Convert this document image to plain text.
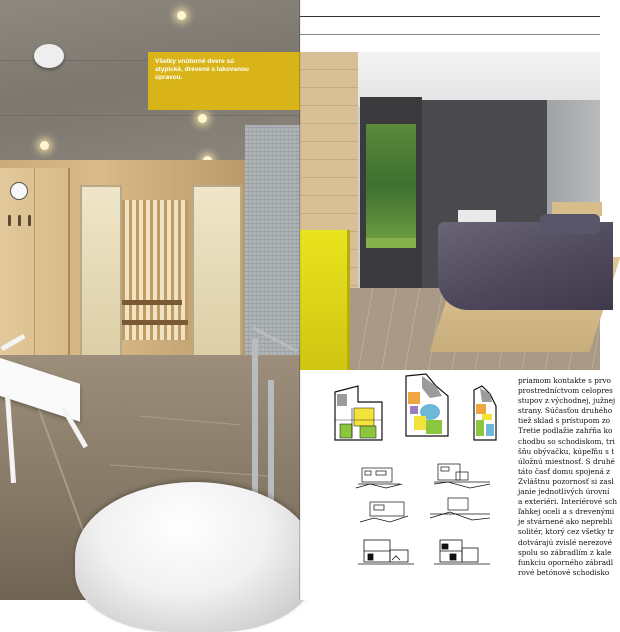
Všetky vnútorné dvere sú
atypické, drevené s lakovanou
úpravou.
priamom kontakte s prvo
prostredníctvom celopres
stupov z východnej, južnej
strany. Súčasťou druhého
tiež sklad s prístupom zo
Tretie podlažie zahŕňa ko
chodbu so schodiskom, tri
šňu obývačku, kúpeľňu s t
úložnú miestnosť. S druhé
táto časť domu spojená z
Zvláštnu pozornosť si zasl
janie jednotlivých úrovní
a exteriéri. Interiérové sch
ľahkej oceli a s drevenými
je stvárnené ako neprebli
solitér, ktorý cez všetky tr
dotvárajú zvislé nerezové
spolu so zábradlím z kale
funkciu oporného zábradl
rové betónové schodisko
